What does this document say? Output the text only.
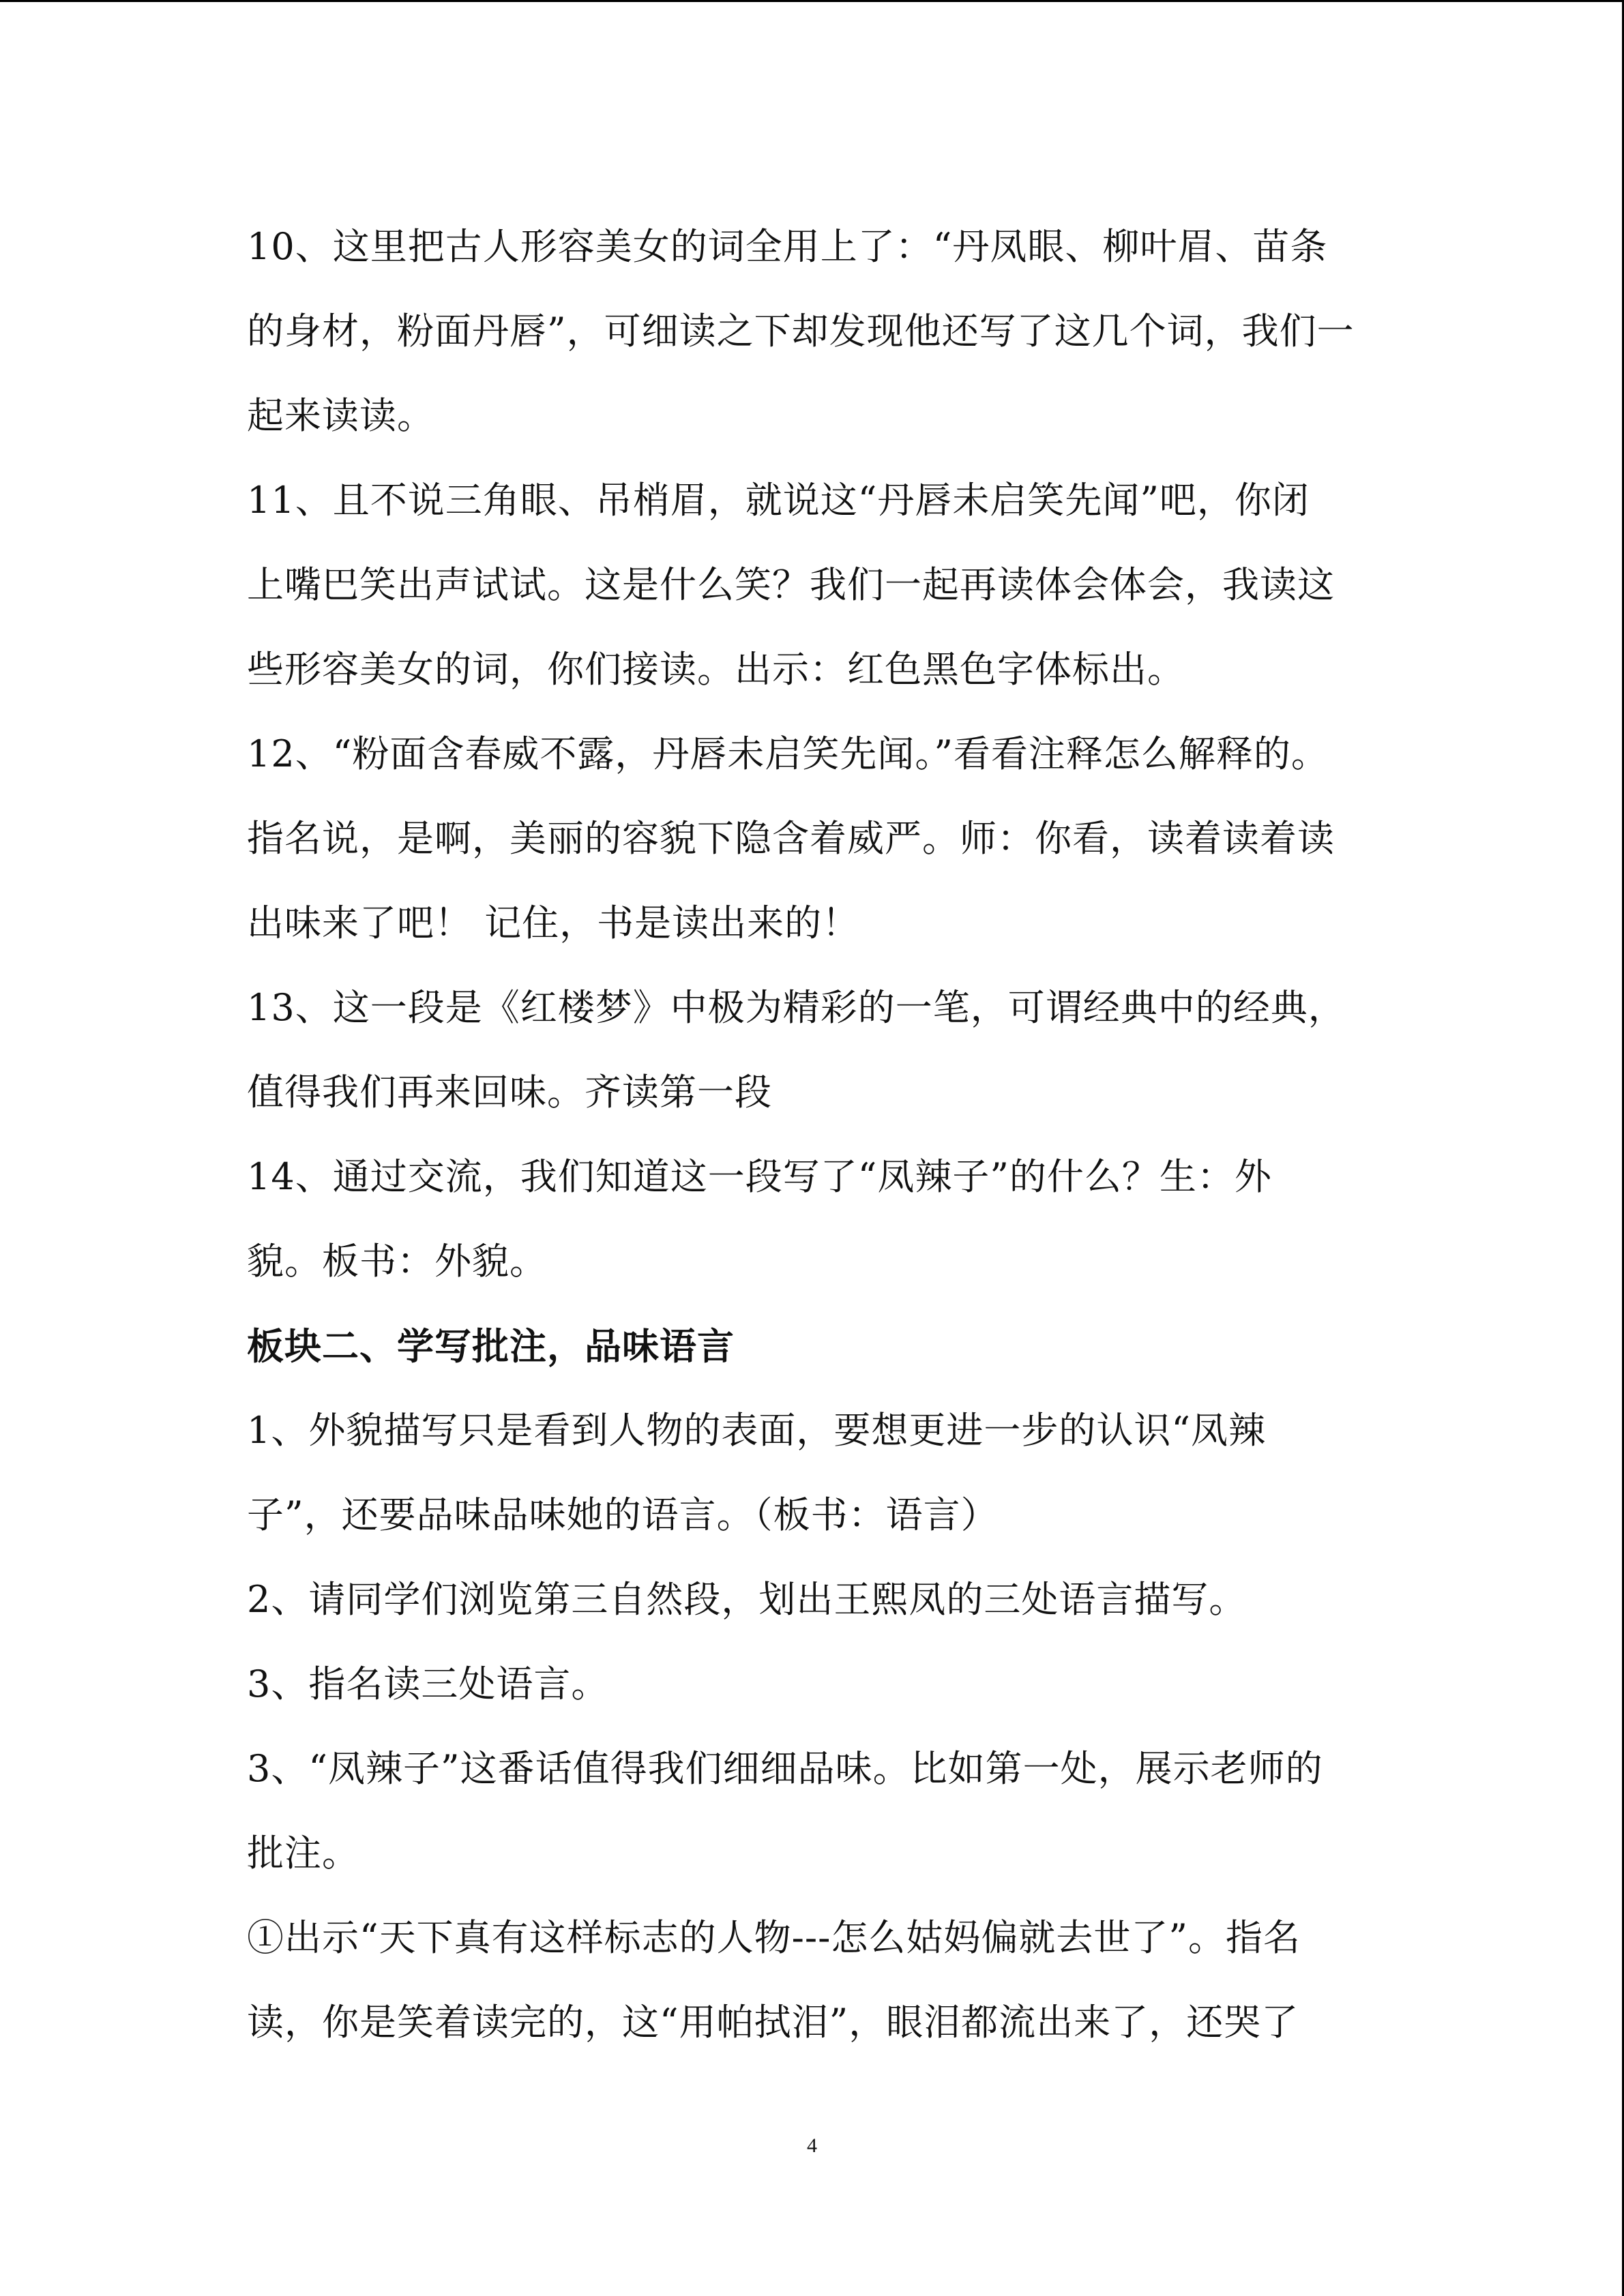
10、这里把古人形容美女的词全用上了：“丹凤眼、柳叶眉、苗条
的身材，粉面丹唇”，可细读之下却发现他还写了这几个词，我们一
起来读读。
11、且不说三角眼、吊梢眉，就说这“丹唇未启笑先闻”吧，你闭
上嘴巴笑出声试试。这是什么笑？我们一起再读体会体会，我读这
些形容美女的词，你们接读。出示：红色黑色字体标出。
12、“粉面含春威不露，丹唇未启笑先闻。”看看注释怎么解释的。
指名说，是啊，美丽的容貌下隐含着威严。师：你看，读着读着读
出味来了吧！ 记住，书是读出来的！
13、这一段是《红楼梦》中极为精彩的一笔，可谓经典中的经典，
值得我们再来回味。齐读第一段
14、通过交流，我们知道这一段写了“凤辣子”的什么？生：外
貌。板书：外貌。
板块二、学写批注，品味语言
1、外貌描写只是看到人物的表面，要想更进一步的认识“凤辣
子”，还要品味品味她的语言。（板书：语言）
2、请同学们浏览第三自然段，划出王熙凤的三处语言描写。
3、指名读三处语言。
3、“凤辣子”这番话值得我们细细品味。比如第一处，展示老师的
批注。
①出示“天下真有这样标志的人物---怎么姑妈偏就去世了”。指名
读，你是笑着读完的，这“用帕拭泪”，眼泪都流出来了，还哭了
4
